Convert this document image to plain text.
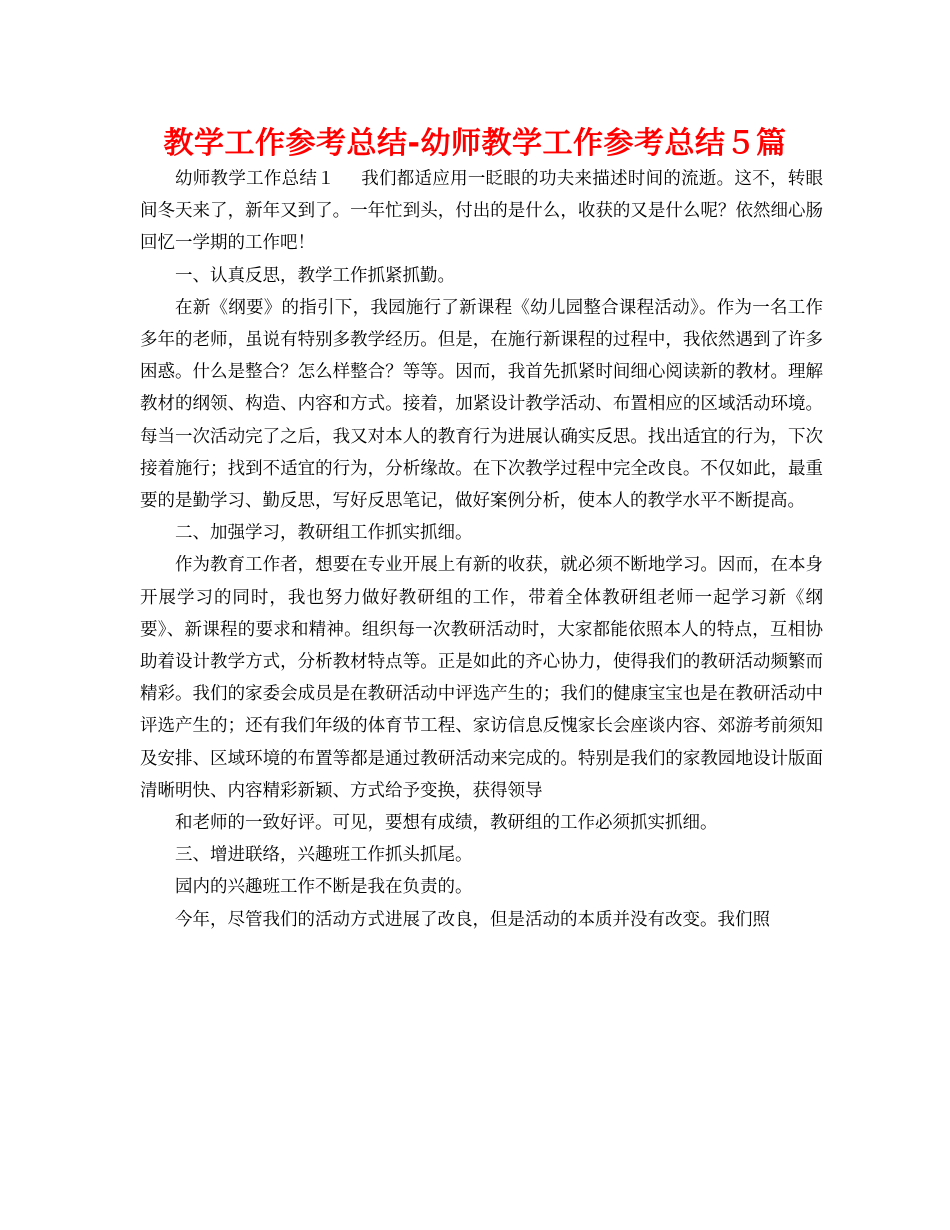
教学工作参考总结-幼师教学工作参考总结５篇

幼师教学工作总结１ 我们都适应用一眨眼的功夫来描述时间的流逝。这不，转眼间冬天来了，新年又到了。一年忙到头，付出的是什么，收获的又是什么呢？依然细心肠回忆一学期的工作吧！

一、认真反思，教学工作抓紧抓勤。

在新《纲要》的指引下，我园施行了新课程《幼儿园整合课程活动》。作为一名工作多年的老师，虽说有特别多教学经历。但是，在施行新课程的过程中，我依然遇到了许多困惑。什么是整合？怎么样整合？等等。因而，我首先抓紧时间细心阅读新的教材。理解教材的纲领、构造、内容和方式。接着，加紧设计教学活动、布置相应的区域活动环境。每当一次活动完了之后，我又对本人的教育行为进展认确实反思。找出适宜的行为，下次接着施行；找到不适宜的行为，分析缘故。在下次教学过程中完全改良。不仅如此，最重要的是勤学习、勤反思，写好反思笔记，做好案例分析，使本人的教学水平不断提高。

二、加强学习，教研组工作抓实抓细。

作为教育工作者，想要在专业开展上有新的收获，就必须不断地学习。因而，在本身开展学习的同时，我也努力做好教研组的工作，带着全体教研组老师一起学习新《纲要》、新课程的要求和精神。组织每一次教研活动时，大家都能依照本人的特点，互相协助着设计教学方式，分析教材特点等。正是如此的齐心协力，使得我们的教研活动频繁而精彩。我们的家委会成员是在教研活动中评选产生的；我们的健康宝宝也是在教研活动中评选产生的；还有我们年级的体育节工程、家访信息反愧家长会座谈内容、郊游考前须知及安排、区域环境的布置等都是通过教研活动来完成的。特别是我们的家教园地设计版面清晰明快、内容精彩新颖、方式给予变换，获得领导

和老师的一致好评。可见，要想有成绩，教研组的工作必须抓实抓细。

三、增进联络，兴趣班工作抓头抓尾。

园内的兴趣班工作不断是我在负责的。

今年，尽管我们的活动方式进展了改良，但是活动的本质并没有改变。我们照
